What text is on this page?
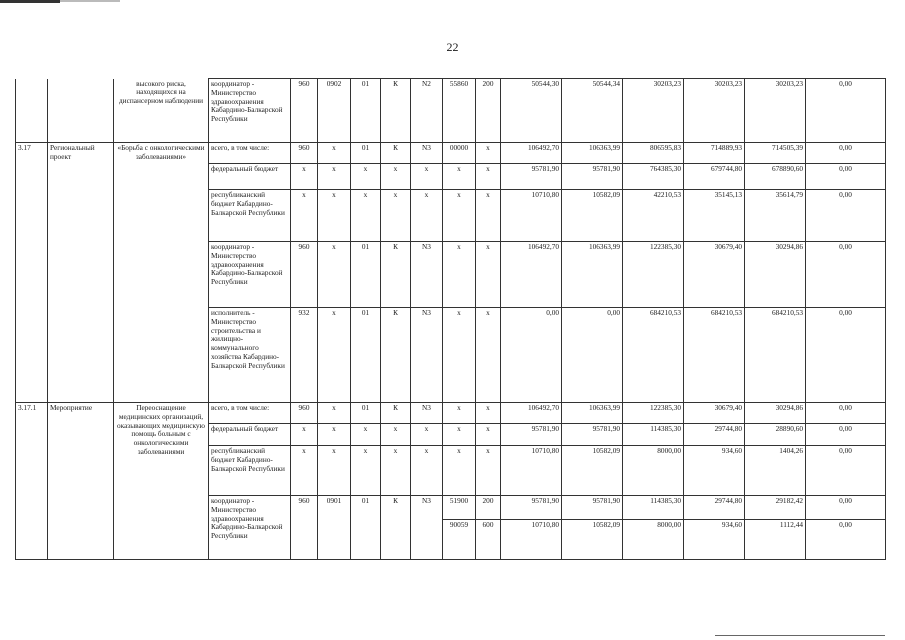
22
		высокого риска, находящихся на диспансерном наблюдении	координатор - Министерство здравоохранения Кабардино-Балкарской Республики	960	0902	01	К	N2	55860	200	50544,30	50544,34	30203,23	30203,23	30203,23	0,00
3.17	Региональный проект	«Борьба с онкологическими заболеваниями»	всего, в том числе:	960	х	01	К	N3	00000	х	106492,70	106363,99	806595,83	714889,93	714505,39	0,00
			федеральный бюджет	х	х	х	х	х	х	х	95781,90	95781,90	764385,30	679744,80	678890,60	0,00
			республиканский бюджет Кабардино-Балкарской Республики	х	х	х	х	х	х	х	10710,80	10582,09	42210,53	35145,13	35614,79	0,00
			координатор - Министерство здравоохранения Кабардино-Балкарской Республики	960	х	01	К	N3	х	х	106492,70	106363,99	122385,30	30679,40	30294,86	0,00
			исполнитель - Министерство строительства и жилищно-коммунального хозяйства Кабардино-Балкарской Республики	932	х	01	К	N3	х	х	0,00	0,00	684210,53	684210,53	684210,53	0,00
3.17.1	Мероприятие	Переоснащение медицинских организаций, оказывающих медицинскую помощь больным с онкологическими заболеваниями	всего, в том числе:	960	х	01	К	N3	х	х	106492,70	106363,99	122385,30	30679,40	30294,86	0,00
			федеральный бюджет	х	х	х	х	х	х	х	95781,90	95781,90	114385,30	29744,80	28890,60	0,00
			республиканский бюджет Кабардино-Балкарской Республики	х	х	х	х	х	х	х	10710,80	10582,09	8000,00	934,60	1404,26	0,00
			координатор - Министерство здравоохранения Кабардино-Балкарской Республики	960	0901	01	К	N3	51900	200	95781,90	95781,90	114385,30	29744,80	29182,42	0,00
									90059	600	10710,80	10582,09	8000,00	934,60	1112,44	0,00
